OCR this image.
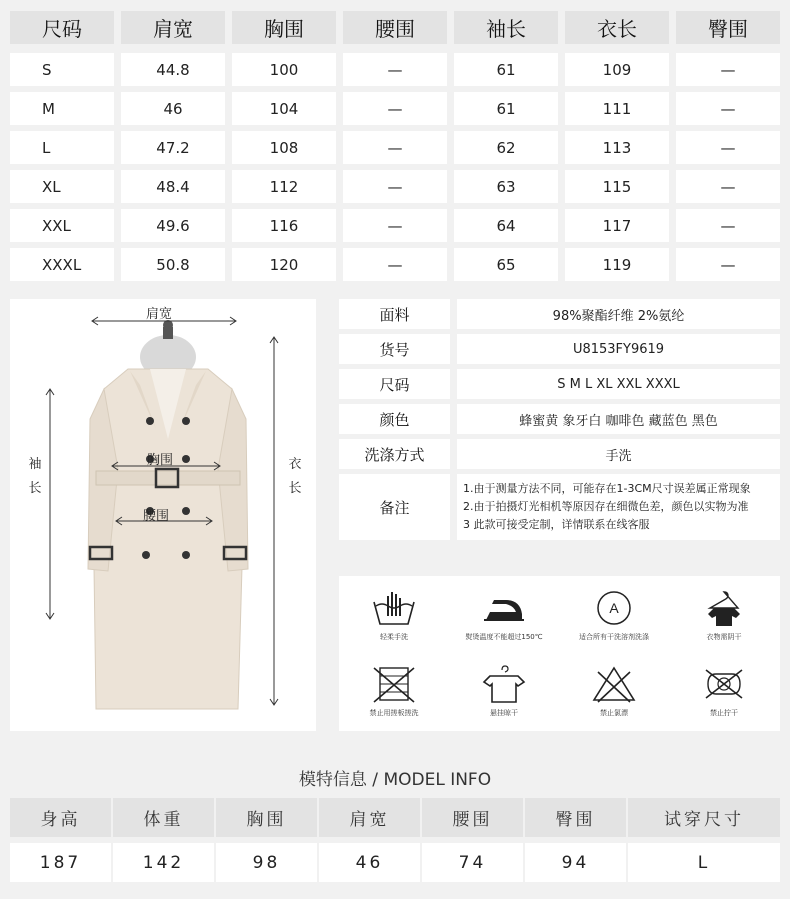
尺码	肩宽	胸围	腰围	袖长	衣长	臀围
S	44.8	100	—	61	109	—
M	46	104	—	61	111	—
L	47.2	108	—	62	113	—
XL	48.4	112	—	63	115	—
XXL	49.6	116	—	64	117	—
XXXL	50.8	120	—	65	119	—
肩宽
胸围
腰围
袖长
衣长
面料	98%聚酯纤维 2%氨纶
货号	U8153FY9619
尺码	S M L XL XXL XXXL
颜色	蜂蜜黄 象牙白 咖啡色 藏蓝色 黑色
洗涤方式	手洗
备注
1.由于测量方法不同，可能存在1-3CM尺寸误差属正常现象
2.由于拍摄灯光相机等原因存在细微色差，颜色以实物为准
3 此款可接受定制，详情联系在线客服
轻柔手洗	熨烫温度不能超过150℃
A
适合所有干洗溶剂洗涤	衣物需阴干
禁止用搓板搓洗	悬挂晾干	禁止氯漂	禁止拧干
模特信息 / MODEL INFO
身高	体重	胸围	肩宽	腰围	臀围	试穿尺寸
187	142	98	46	74	94	L
